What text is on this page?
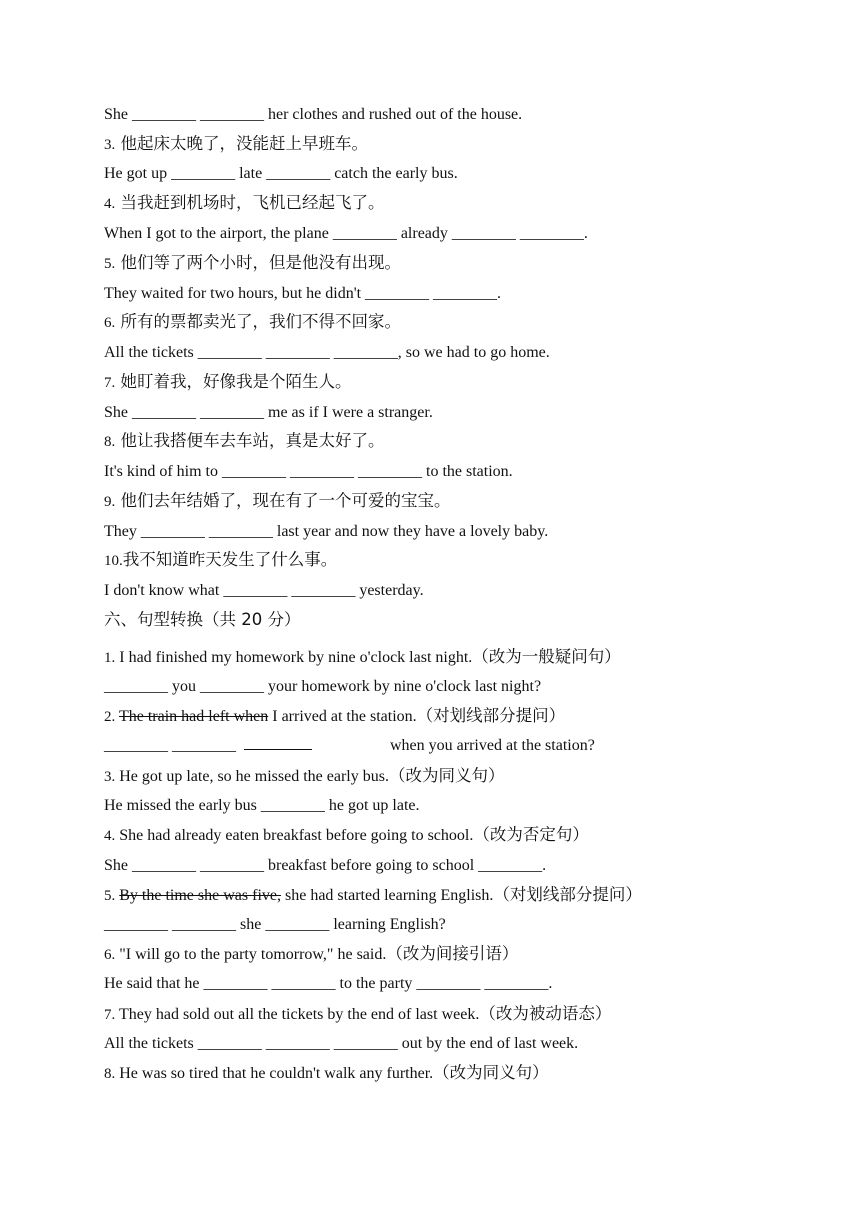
She ________ ________ her clothes and rushed out of the house.
3. 他起床太晚了，没能赶上早班车。
He got up ________ late ________ catch the early bus.
4. 当我赶到机场时，飞机已经起飞了。
When I got to the airport, the plane ________ already ________ ________.
5. 他们等了两个小时，但是他没有出现。
They waited for two hours, but he didn't ________ ________.
6. 所有的票都卖光了，我们不得不回家。
All the tickets ________ ________ ________, so we had to go home.
7. 她盯着我，好像我是个陌生人。
She ________ ________ me as if I were a stranger.
8. 他让我搭便车去车站，真是太好了。
It's kind of him to ________ ________ ________ to the station.
9. 他们去年结婚了，现在有了一个可爱的宝宝。
They ________ ________ last year and now they have a lovely baby.
10.我不知道昨天发生了什么事。
I don't know what ________ ________ yesterday.
六、句型转换（共 20 分）
1. I had finished my homework by nine o'clock last night.（改为一般疑问句）
________ you ________ your homework by nine o'clock last night?
2. The train had left when I arrived at the station.（对划线部分提问）
________ ________	when you arrived at the station?
3. He got up late, so he missed the early bus.（改为同义句）
He missed the early bus ________ he got up late.
4. She had already eaten breakfast before going to school.（改为否定句）
She ________ ________ breakfast before going to school ________.
5. By the time she was five, she had started learning English.（对划线部分提问）
________ ________ she ________ learning English?
6. "I will go to the party tomorrow," he said.（改为间接引语）
He said that he ________ ________ to the party ________ ________.
7. They had sold out all the tickets by the end of last week.（改为被动语态）
All the tickets ________ ________ ________ out by the end of last week.
8. He was so tired that he couldn't walk any further.（改为同义句）
